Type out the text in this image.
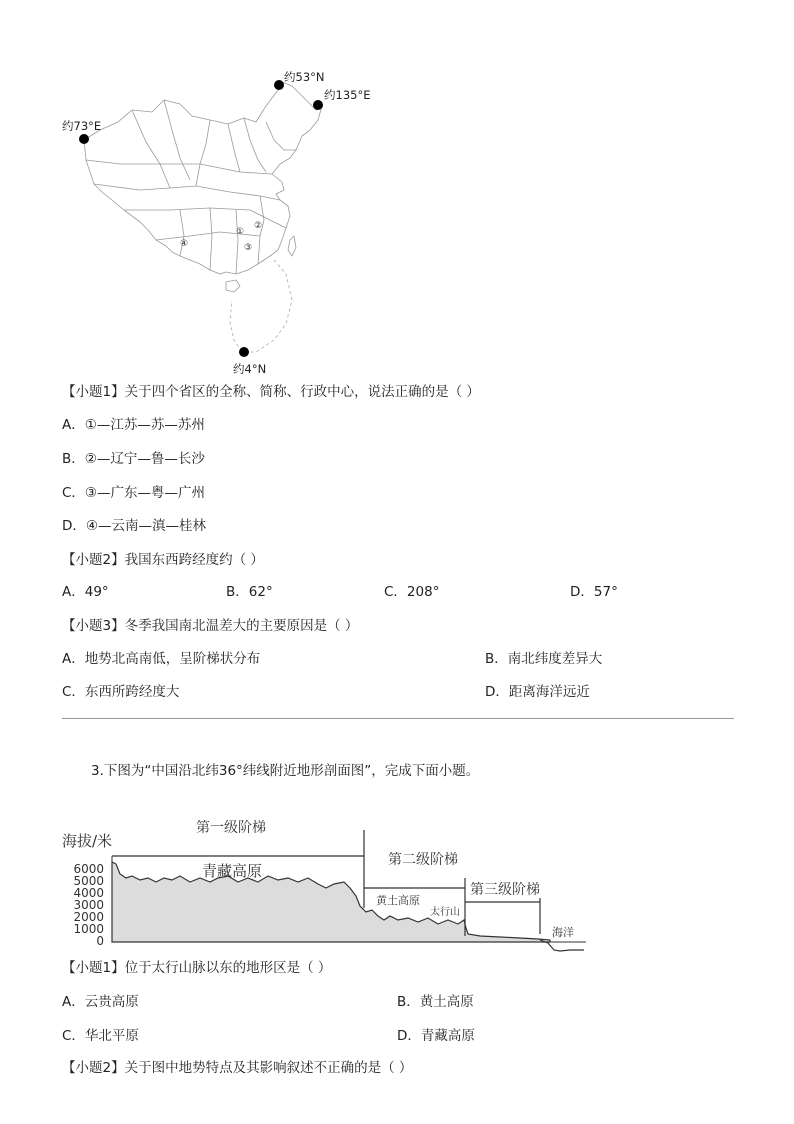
①
②
③
④
约53°N
约135°E
约73°E
约4°N
【小题1】关于四个省区的全称、简称、行政中心，说法正确的是（ ）
A．①—江苏—苏—苏州
B．②—辽宁—鲁—长沙
C．③—广东—粤—广州
D．④—云南—滇—桂林
【小题2】我国东西跨经度约（ ）
A．49°	B．62°	C．208°	D．57°
【小题3】冬季我国南北温差大的主要原因是（ ）
A．地势北高南低，呈阶梯状分布	B．南北纬度差异大
C．东西所跨经度大	D．距离海洋远近
3.下图为“中国沿北纬36°纬线附近地形剖面图”，完成下面小题。
海拔/米
6000
5000
4000
3000
2000
1000
0
第一级阶梯
第二级阶梯
第三级阶梯
青藏高原
黄土高原
太行山
海洋
【小题1】位于太行山脉以东的地形区是（ ）
A．云贵高原	B．黄土高原
C．华北平原	D．青藏高原
【小题2】关于图中地势特点及其影响叙述不正确的是（ ）
